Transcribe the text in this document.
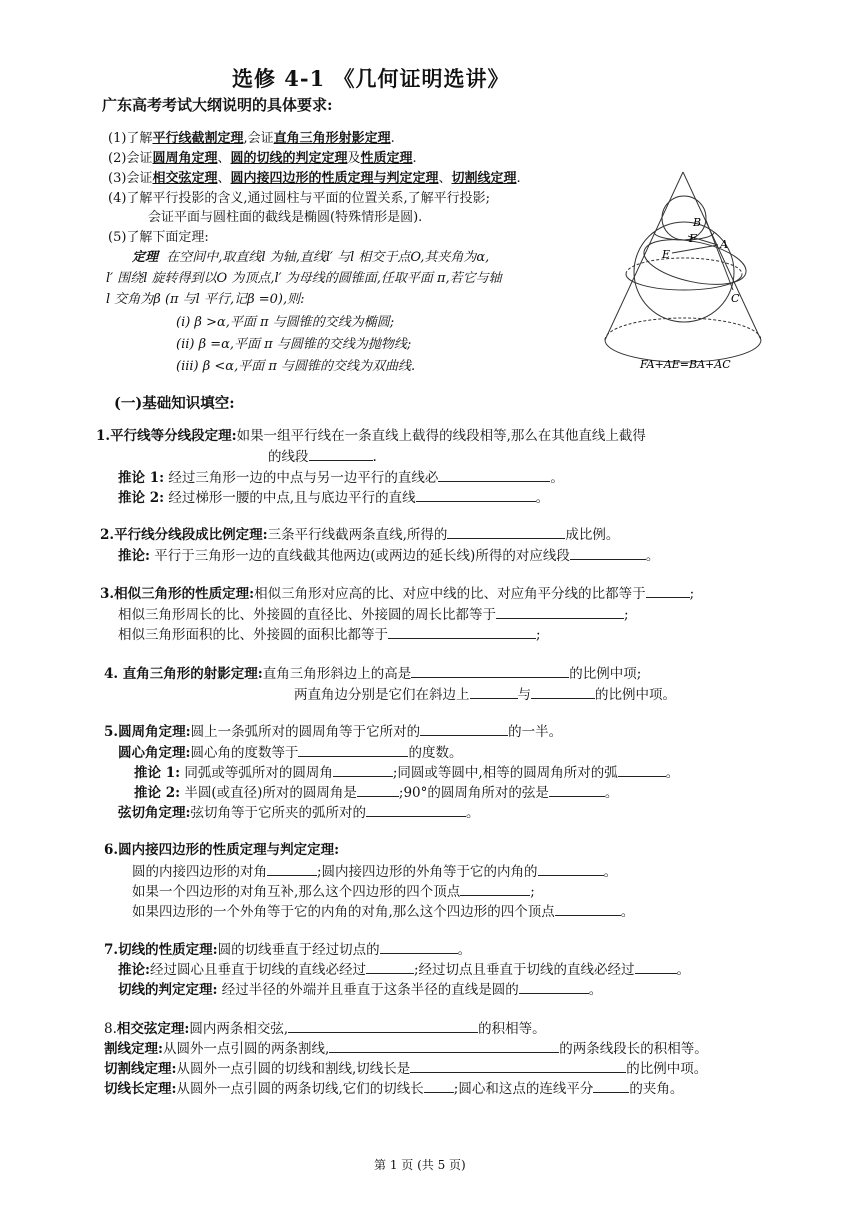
选修 4-1 《几何证明选讲》
广东高考考试大纲说明的具体要求:
(1)了解平行线截割定理,会证直角三角形射影定理.
(2)会证圆周角定理、圆的切线的判定定理及性质定理.
(3)会证相交弦定理、圆内接四边形的性质定理与判定定理、切割线定理.
(4)了解平行投影的含义,通过圆柱与平面的位置关系,了解平行投影;
会证平面与圆柱面的截线是椭圆(特殊情形是圆).
(5)了解下面定理:
定理 在空间中,取直线l 为轴,直线l′ 与l 相交于点O,其夹角为α,
l′ 围绕l 旋转得到以O 为顶点,l′ 为母线的圆锥面,任取平面 π,若它与轴
l 交角为β (π 与l 平行,记β =0),则:
(i) β >α,平面 π 与圆锥的交线为椭圆;
(ii) β =α,平面 π 与圆锥的交线为抛物线;
(iii) β <α,平面 π 与圆锥的交线为双曲线.
B
F A
E
C
FA+AE=BA+AC
(一)基础知识填空:
1.平行线等分线段定理:如果一组平行线在一条直线上截得的线段相等,那么在其他直线上截得
的线段	.
推论 1: 经过三角形一边的中点与另一边平行的直线必	。
推论 2: 经过梯形一腰的中点,且与底边平行的直线	。
2.平行线分线段成比例定理:三条平行线截两条直线,所得的	成比例。
推论: 平行于三角形一边的直线截其他两边(或两边的延长线)所得的对应线段	。
3.相似三角形的性质定理:相似三角形对应高的比、对应中线的比、对应角平分线的比都等于	;
相似三角形周长的比、外接圆的直径比、外接圆的周长比都等于	;
相似三角形面积的比、外接圆的面积比都等于	;
4. 直角三角形的射影定理:直角三角形斜边上的高是	的比例中项;
两直角边分别是它们在斜边上	与	的比例中项。
5.圆周角定理:圆上一条弧所对的圆周角等于它所对的	的一半。
圆心角定理:圆心角的度数等于	的度数。
推论 1: 同弧或等弧所对的圆周角	;同圆或等圆中,相等的圆周角所对的弧	。
推论 2: 半圆(或直径)所对的圆周角是	;90°的圆周角所对的弦是	。
弦切角定理:弦切角等于它所夹的弧所对的	。
6.圆内接四边形的性质定理与判定定理:
圆的内接四边形的对角	;圆内接四边形的外角等于它的内角的	。
如果一个四边形的对角互补,那么这个四边形的四个顶点	;
如果四边形的一个外角等于它的内角的对角,那么这个四边形的四个顶点	。
7.切线的性质定理:圆的切线垂直于经过切点的	。
推论:经过圆心且垂直于切线的直线必经过	;经过切点且垂直于切线的直线必经过	。
切线的判定定理: 经过半径的外端并且垂直于这条半径的直线是圆的	。
8.相交弦定理:圆内两条相交弦,	的积相等。
割线定理:从圆外一点引圆的两条割线,	的两条线段长的积相等。
切割线定理:从圆外一点引圆的切线和割线,切线长是	的比例中项。
切线长定理:从圆外一点引圆的两条切线,它们的切线长 ;圆心和这点的连线平分	的夹角。
第 1 页 (共 5 页)
